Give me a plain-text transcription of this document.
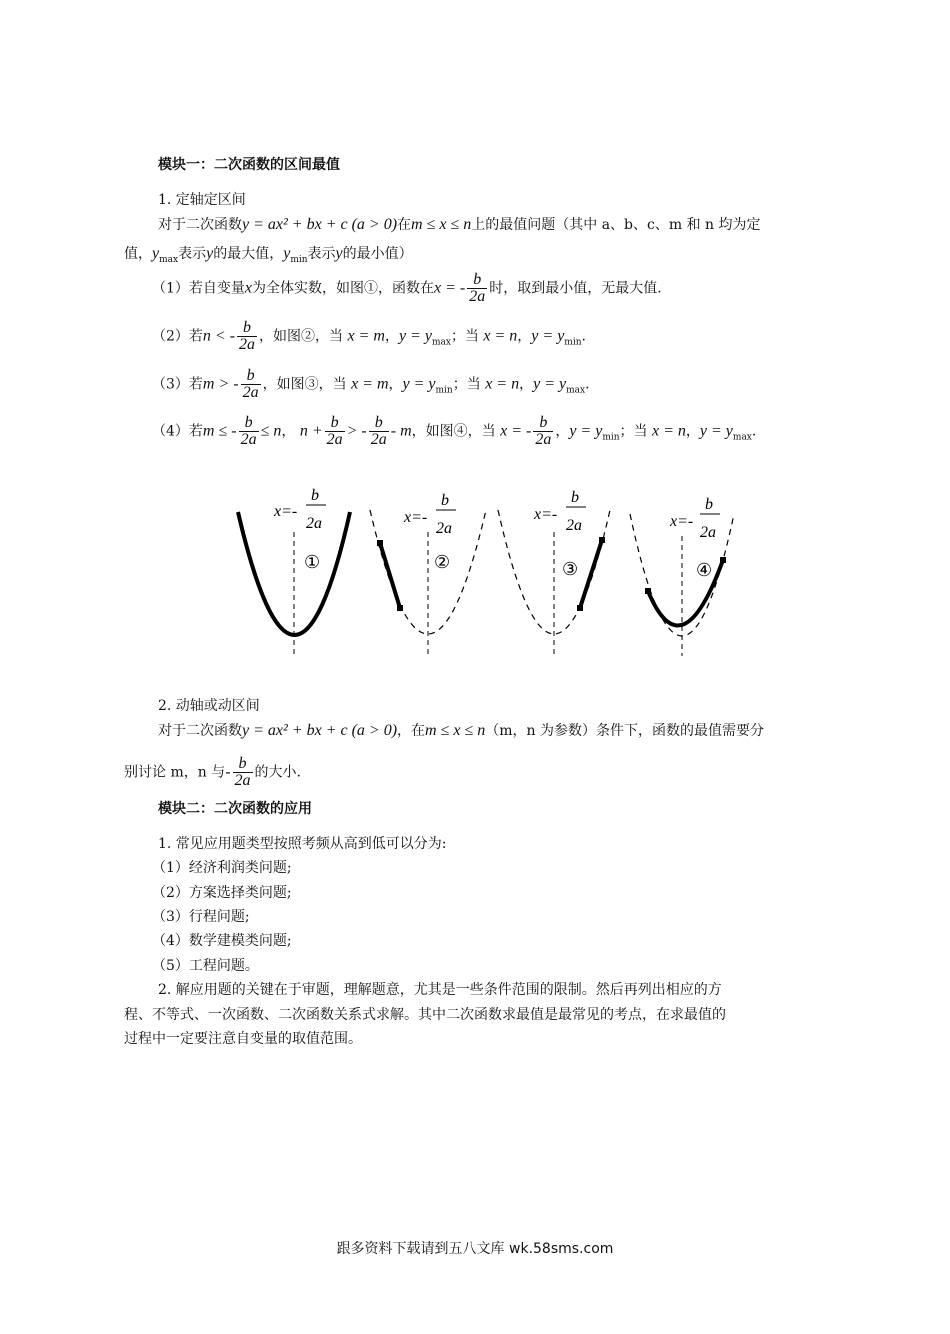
模块一：二次函数的区间最值
1. 定轴定区间
对于二次函数y = ax² + bx + c (a > 0)在m ≤ x ≤ n上的最值问题（其中 a、b、c、m 和 n 均为定
值，$y_{max}$表示y的最大值，$y_{min}$表示y的最小值）
（1）若自变量x为全体实数，如图①，函数在x = - $\frac{b}{2a}$ 时，取到最小值，无最大值.
（2）若n < - $\frac{b}{2a}$ ，如图②，当 x = m，$y = y_{max}$；当 x = n，$y = y_{min}$.
（3）若m > - $\frac{b}{2a}$ ，如图③，当 x = m，$y = y_{min}$；当 x = n，$y = y_{max}$.
（4）若m ≤ - $\frac{b}{2a} \le n$， $n + \frac{b}{2a}$ > - $\frac{b}{2a}$ - m，如图④，当 x = - $\frac{b}{2a}$ ，$y = y_{min}$；当 x = n，$y = y_{max}$.
x=-
b
2a
①
x=-
b
2a
②
x=-
b
2a
③
x=-
b
2a
④
2. 动轴或动区间
对于二次函数y = ax² + bx + c (a > 0)，在m ≤ x ≤ n（m，n 为参数）条件下，函数的最值需要分
别讨论 m，n 与- $\frac{b}{2a}$ 的大小.
模块二：二次函数的应用
1. 常见应用题类型按照考频从高到低可以分为:
（1）经济利润类问题;
（2）方案选择类问题;
（3）行程问题;
（4）数学建模类问题;
（5）工程问题。
2. 解应用题的关键在于审题，理解题意，尤其是一些条件范围的限制。然后再列出相应的方
程、不等式、一次函数、二次函数关系式求解。其中二次函数求最值是最常见的考点，在求最值的
过程中一定要注意自变量的取值范围。
跟多资料下载请到五八文库 wk.58sms.com
